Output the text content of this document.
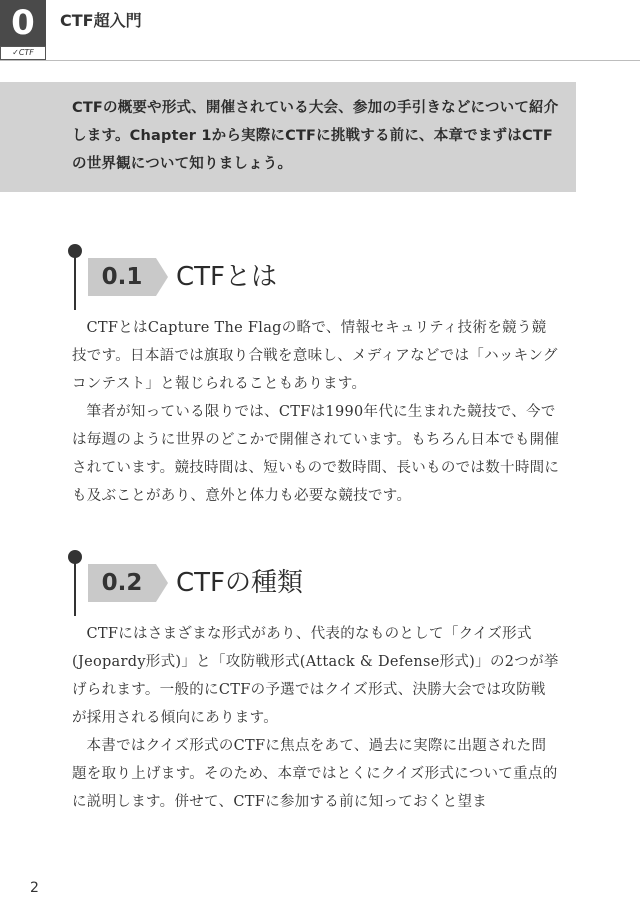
0
✓CTF
CTF超入門
CTFの概要や形式、開催されている大会、参加の手引きなどについて紹介します。Chapter 1から実際にCTFに挑戦する前に、本章でまずはCTFの世界観について知りましょう。
0.1	CTFとは
CTFとはCapture The Flagの略で、情報セキュリティ技術を競う競技です。日本語では旗取り合戦を意味し、メディアなどでは「ハッキングコンテスト」と報じられることもあります。
筆者が知っている限りでは、CTFは1990年代に生まれた競技で、今では毎週のように世界のどこかで開催されています。もちろん日本でも開催されています。競技時間は、短いもので数時間、長いものでは数十時間にも及ぶことがあり、意外と体力も必要な競技です。
0.2	CTFの種類
CTFにはさまざまな形式があり、代表的なものとして「クイズ形式(Jeopardy形式)」と「攻防戦形式(Attack & Defense形式)」の2つが挙げられます。一般的にCTFの予選ではクイズ形式、決勝大会では攻防戦が採用される傾向にあります。
本書ではクイズ形式のCTFに焦点をあて、過去に実際に出題された問題を取り上げます。そのため、本章ではとくにクイズ形式について重点的に説明します。併せて、CTFに参加する前に知っておくと望ま
2
